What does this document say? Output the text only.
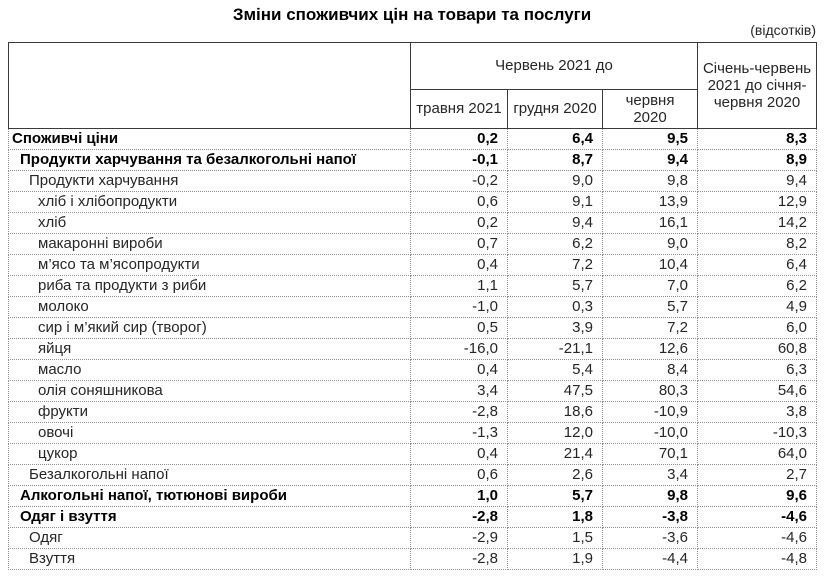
Зміни споживчих цін на товари та послуги
(відсотків)
	Червень 2021 до			Січень-червень 2021 до січня-червня 2020
	травня 2021	грудня 2020	червня 2020	
Споживчі ціни	0,2	6,4	9,5	8,3
Продукти харчування та безалкогольні напої	-0,1	8,7	9,4	8,9
Продукти харчування	-0,2	9,0	9,8	9,4
хліб і хлібопродукти	0,6	9,1	13,9	12,9
хліб	0,2	9,4	16,1	14,2
макаронні вироби	0,7	6,2	9,0	8,2
м’ясо та м’ясопродукти	0,4	7,2	10,4	6,4
риба та продукти з риби	1,1	5,7	7,0	6,2
молоко	-1,0	0,3	5,7	4,9
сир і м’який сир (творог)	0,5	3,9	7,2	6,0
яйця	-16,0	-21,1	12,6	60,8
масло	0,4	5,4	8,4	6,3
олія соняшникова	3,4	47,5	80,3	54,6
фрукти	-2,8	18,6	-10,9	3,8
овочі	-1,3	12,0	-10,0	-10,3
цукор	0,4	21,4	70,1	64,0
Безалкогольні напої	0,6	2,6	3,4	2,7
Алкогольні напої, тютюнові вироби	1,0	5,7	9,8	9,6
Одяг і взуття	-2,8	1,8	-3,8	-4,6
Одяг	-2,9	1,5	-3,6	-4,6
Взуття	-2,8	1,9	-4,4	-4,8
